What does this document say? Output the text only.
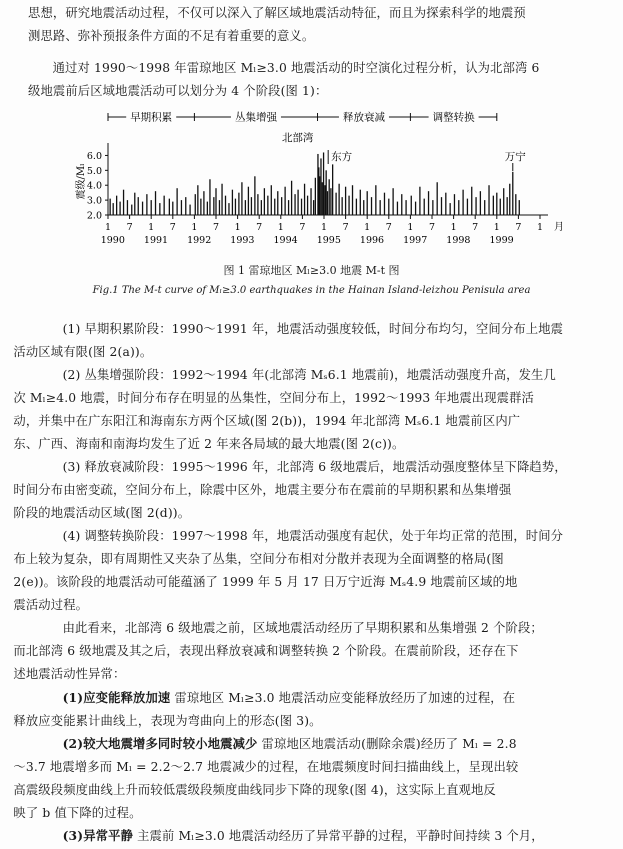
思想，研究地震活动过程，不仅可以深入了解区域地震活动特征，而且为探索科学的地震预
测思路、弥补预报条件方面的不足有着重要的意义。
通过对 1990～1998 年雷琼地区 Mₗ≥3.0 地震活动的时空演化过程分析，认为北部湾 6
级地震前后区域地震活动可以划分为 4 个阶段(图 1)：
早期积累	丛集增强	释放衰减	调整转换
6.0
5.0
4.0
3.0
2.0
震级/Mₗ
1 7 1 7 1 7 1 7 1 7 1 7 1 7 1 7 1 7 1 7 1
1990 1991 1992 1993 1994 1995 1996 1997 1998 1999
月
北部湾
东方	万宁
图 1 雷琼地区 Mₗ≥3.0 地震 M-t 图
Fig.1 The M-t curve of Mₗ≥3.0 earthquakes in the Hainan Island-leizhou Penisula area
(1) 早期积累阶段：1990～1991 年，地震活动强度较低，时间分布均匀，空间分布上地震
活动区域有限(图 2(a))。
(2) 丛集增强阶段：1992～1994 年(北部湾 Mₛ6.1 地震前)，地震活动强度升高，发生几
次 Mₗ≥4.0 地震，时间分布存在明显的丛集性，空间分布上，1992～1993 年地震出现震群活
动，并集中在广东阳江和海南东方两个区域(图 2(b))，1994 年北部湾 Mₛ6.1 地震前区内广
东、广西、海南和南海均发生了近 2 年来各局域的最大地震(图 2(c))。
(3) 释放衰减阶段：1995～1996 年，北部湾 6 级地震后，地震活动强度整体呈下降趋势，
时间分布由密变疏，空间分布上，除震中区外，地震主要分布在震前的早期积累和丛集增强
阶段的地震活动区域(图 2(d))。
(4) 调整转换阶段：1997～1998 年，地震活动强度有起伏，处于年均正常的范围，时间分
布上较为复杂，即有周期性又夹杂了丛集，空间分布相对分散并表现为全面调整的格局(图
2(e))。该阶段的地震活动可能蕴涵了 1999 年 5 月 17 日万宁近海 Mₛ4.9 地震前区域的地
震活动过程。
由此看来，北部湾 6 级地震之前，区域地震活动经历了早期积累和丛集增强 2 个阶段；
而北部湾 6 级地震及其之后，表现出释放衰减和调整转换 2 个阶段。在震前阶段，还存在下
述地震活动性异常：
(1)应变能释放加速 雷琼地区 Mₗ≥3.0 地震活动应变能释放经历了加速的过程，在
释放应变能累计曲线上，表现为弯曲向上的形态(图 3)。
(2)较大地震增多同时较小地震减少 雷琼地区地震活动(删除余震)经历了 Mₗ = 2.8
～3.7 地震增多而 Mₗ = 2.2～2.7 地震减少的过程，在地震频度时间扫描曲线上，呈现出较
高震级段频度曲线上升而较低震级段频度曲线同步下降的现象(图 4)，这实际上直观地反
映了 b 值下降的过程。
(3)异常平静 主震前 Mₗ≥3.0 地震活动经历了异常平静的过程，平静时间持续 3 个月，
